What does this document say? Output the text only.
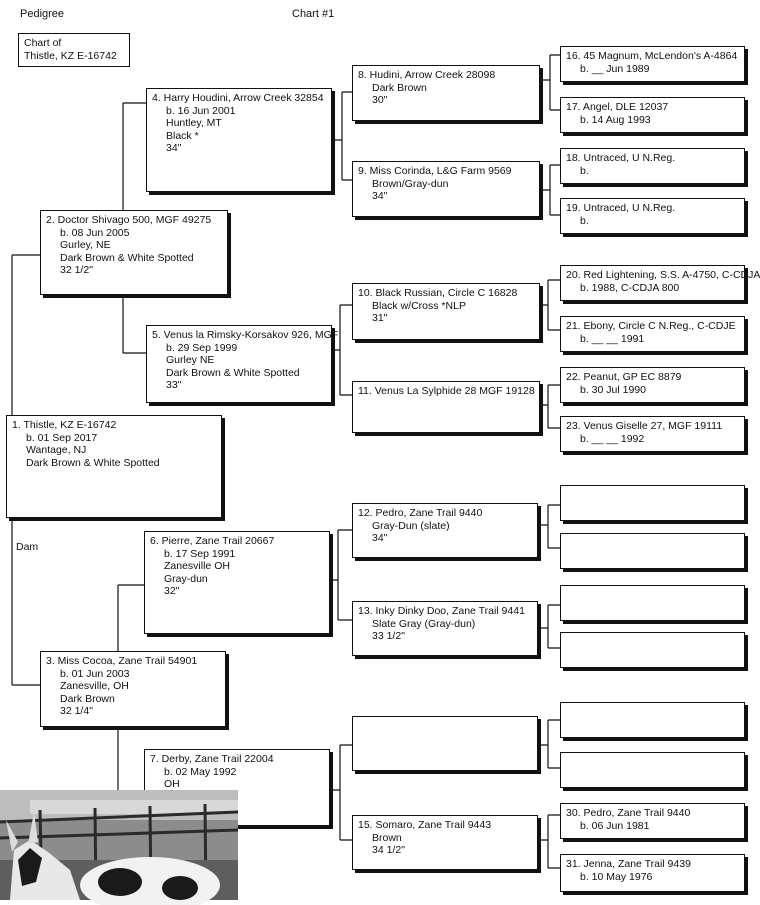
Pedigree	Chart #1
Chart of
Thistle, KZ E-16742
Dam
1. Thistle, KZ E-16742
b. 01 Sep 2017
Wantage, NJ
Dark Brown & White Spotted
2. Doctor Shivago 500, MGF 49275
b. 08 Jun 2005
Gurley, NE
Dark Brown & White Spotted
32 1/2"
3. Miss Cocoa, Zane Trail 54901
b. 01 Jun 2003
Zanesville, OH
Dark Brown
32 1/4"
4. Harry Houdini, Arrow Creek 32854
b. 16 Jun 2001
Huntley, MT
Black *
34"
5. Venus la Rimsky-Korsakov 926, MGF
b. 29 Sep 1999
Gurley NE
Dark Brown & White Spotted
33"
6. Pierre, Zane Trail 20667
b. 17 Sep 1991
Zanesville OH
Gray-dun
32"
7. Derby, Zane Trail 22004
b. 02 May 1992
OH
8. Hudini, Arrow Creek 28098
Dark Brown
30"
9. Miss Corinda, L&G Farm 9569
Brown/Gray-dun
34"
10. Black Russian, Circle C 16828
Black w/Cross *NLP
31"
11. Venus La Sylphide 28 MGF 19128
12. Pedro, Zane Trail 9440
Gray-Dun (slate)
34"
13. Inky Dinky Doo, Zane Trail 9441
Slate Gray (Gray-dun)
33 1/2"
15. Somaro, Zane Trail 9443
Brown
34 1/2"
16. 45 Magnum, McLendon's A-4864
b. __ Jun 1989
17. Angel, DLE 12037
b. 14 Aug 1993
18. Untraced, U N.Reg.
b.
19. Untraced, U N.Reg.
b.
20. Red Lightening, S.S. A-4750, C-CDJA
b. 1988, C-CDJA 800
21. Ebony, Circle C N.Reg., C-CDJE
b. __ __ 1991
22. Peanut, GP EC 8879
b. 30 Jul 1990
23. Venus Giselle 27, MGF 19111
b. __ __ 1992
30. Pedro, Zane Trail 9440
b. 06 Jun 1981
31. Jenna, Zane Trail 9439
b. 10 May 1976
